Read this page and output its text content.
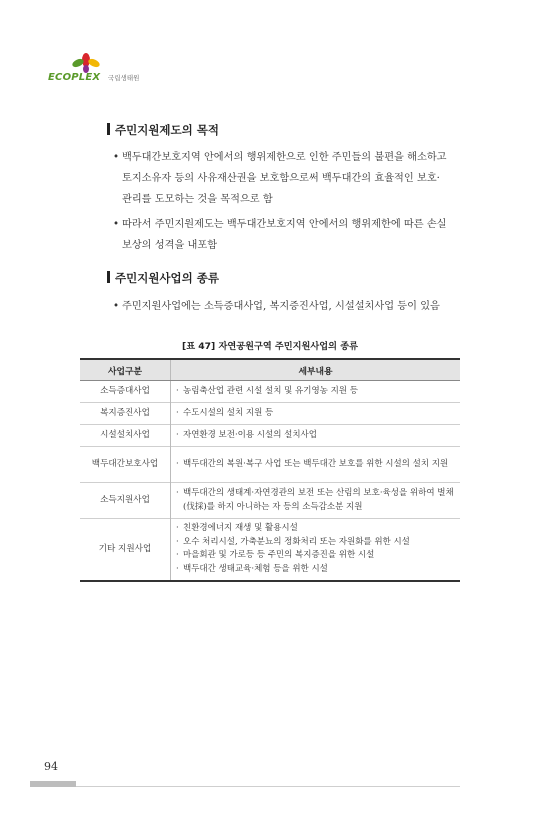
ECOPLEX 국립생태원
주민지원제도의 목적
• 백두대간보호지역 안에서의 행위제한으로 인한 주민들의 불편을 해소하고
토지소유자 등의 사유재산권을 보호함으로써 백두대간의 효율적인 보호·
관리를 도모하는 것을 목적으로 함
• 따라서 주민지원제도는 백두대간보호지역 안에서의 행위제한에 따른 손실
보상의 성격을 내포함
주민지원사업의 종류
• 주민지원사업에는 소득증대사업, 복지증진사업, 시설설치사업 등이 있음
[표 47] 자연공원구역 주민지원사업의 종류
사업구분	세부내용
소득증대사업	· 농림축산업 관련 시설 설치 및 유기영농 지원 등

복지증진사업	· 수도시설의 설치 지원 등

시설설치사업	· 자연환경 보전·이용 시설의 설치사업

백두대간보호사업	· 백두대간의 복원·복구 사업 또는 백두대간 보호를 위한 시설의 설치 지원

소득지원사업	· 백두대간의 생태계·자연경관의 보전 또는 산림의 보호·육성을 위하여 벌채(伐採)를 하지 아니하는 자 등의 소득감소분 지원

기타 지원사업	· 친환경에너지 재생 및 활용시설
· 오수 처리시설, 가축분뇨의 정화처리 또는 자원화를 위한 시설
· 마을회관 및 가로등 등 주민의 복지증진을 위한 시설
· 백두대간 생태교육·체험 등을 위한 시설
94
